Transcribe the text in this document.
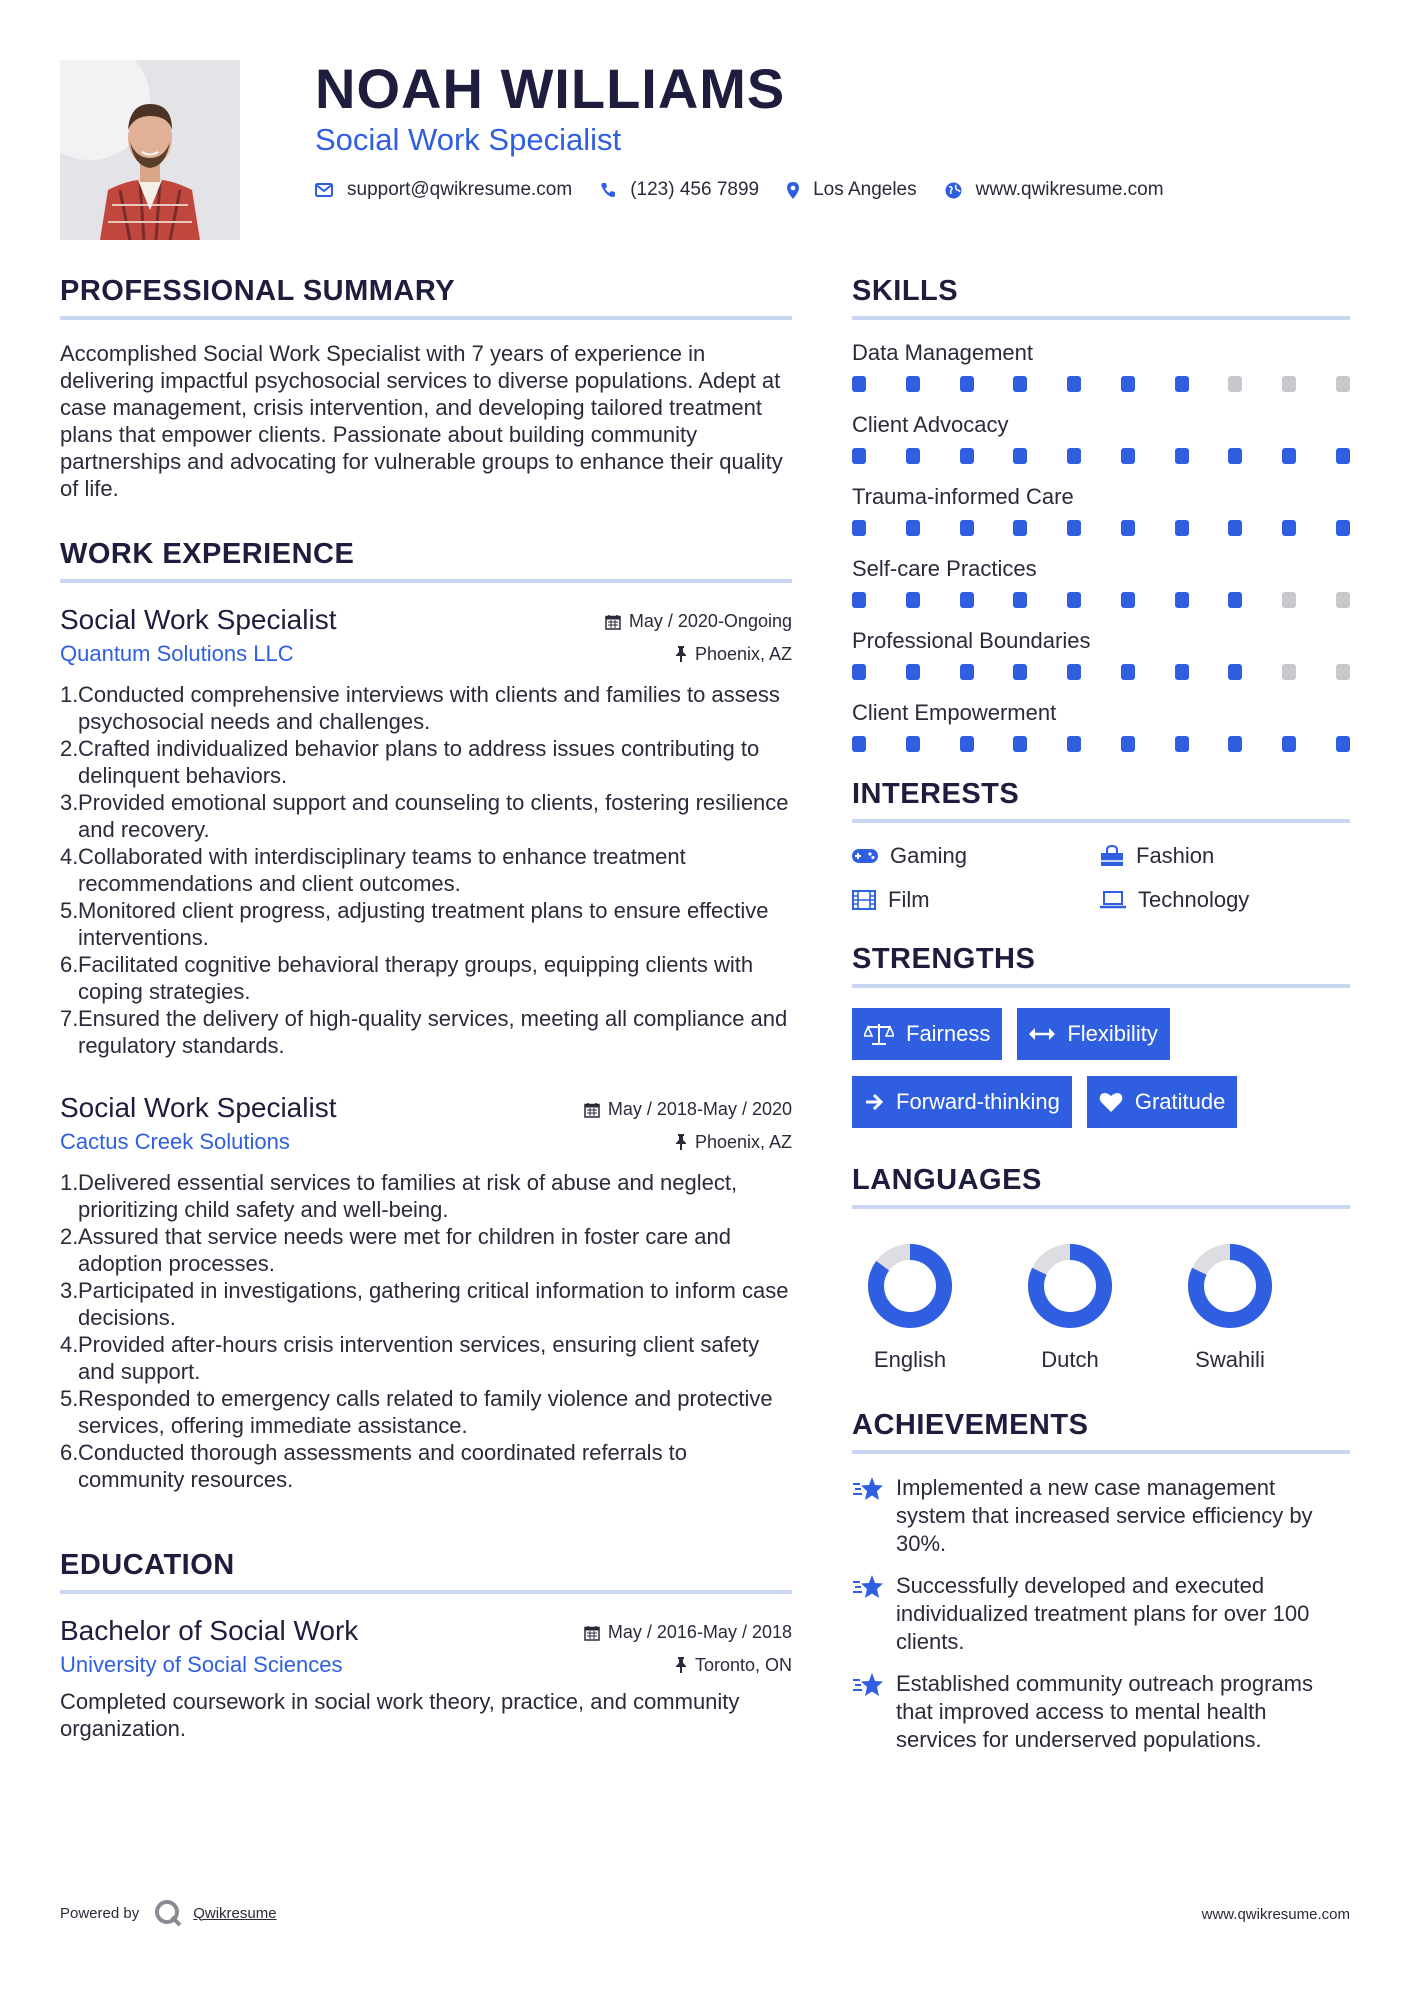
NOAH WILLIAMS
Social Work Specialist
support@qwikresume.com	(123) 456 7899	Los Angeles	www.qwikresume.com
PROFESSIONAL SUMMARY

Accomplished Social Work Specialist with 7 years of experience in delivering impactful psychosocial services to diverse populations. Adept at case management, crisis intervention, and developing tailored treatment plans that empower clients. Passionate about building community partnerships and advocating for vulnerable groups to enhance their quality of life.

WORK EXPERIENCE
Social Work Specialist	May / 2020-Ongoing
Quantum Solutions LLC	Phoenix, AZ
1. Conducted comprehensive interviews with clients and families to assess psychosocial needs and challenges.
2. Crafted individualized behavior plans to address issues contributing to delinquent behaviors.
3. Provided emotional support and counseling to clients, fostering resilience and recovery.
4. Collaborated with interdisciplinary teams to enhance treatment recommendations and client outcomes.
5. Monitored client progress, adjusting treatment plans to ensure effective interventions.
6. Facilitated cognitive behavioral therapy groups, equipping clients with coping strategies.
7. Ensured the delivery of high-quality services, meeting all compliance and regulatory standards.
Social Work Specialist	May / 2018-May / 2020
Cactus Creek Solutions	Phoenix, AZ
1. Delivered essential services to families at risk of abuse and neglect, prioritizing child safety and well-being.
2. Assured that service needs were met for children in foster care and adoption processes.
3. Participated in investigations, gathering critical information to inform case decisions.
4. Provided after-hours crisis intervention services, ensuring client safety and support.
5. Responded to emergency calls related to family violence and protective services, offering immediate assistance.
6. Conducted thorough assessments and coordinated referrals to community resources.
EDUCATION
Bachelor of Social Work	May / 2016-May / 2018
University of Social Sciences	Toronto, ON

Completed coursework in social work theory, practice, and community organization.

SKILLS
Data Management
Client Advocacy
Trauma-informed Care
Self-care Practices
Professional Boundaries
Client Empowerment
INTERESTS
Gaming	Fashion
Film	Technology
STRENGTHS
Fairness	Flexibility
Forward-thinking	Gratitude
LANGUAGES
English	Dutch	Swahili
ACHIEVEMENTS
Implemented a new case management system that increased service efficiency by 30%.
Successfully developed and executed individualized treatment plans for over 100 clients.
Established community outreach programs that improved access to mental health services for underserved populations.
Powered by	Qwikresume	www.qwikresume.com
